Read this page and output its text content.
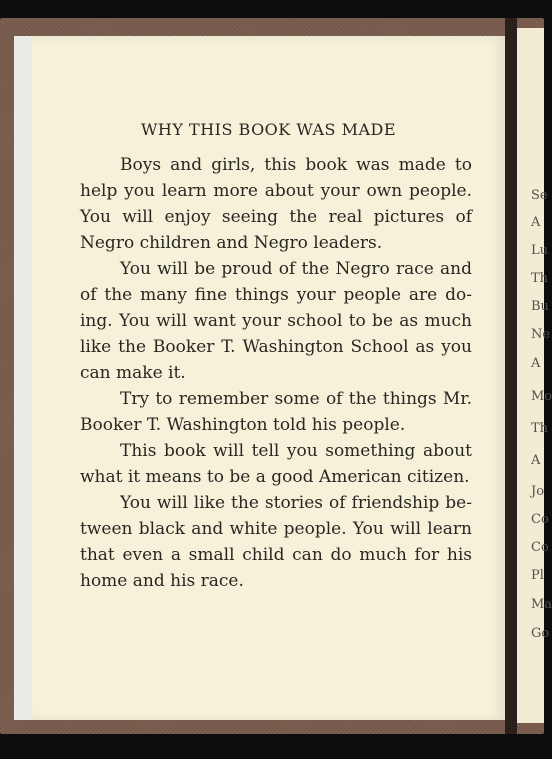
Se
A
Lu
Th
Bu
Ne
A
Mo
Th
A
Jo
Co
Co
Pl
Ma
Go
WHY THIS BOOK WAS MADE

Boys and girls, this book was made to help you learn more about your own people. You will enjoy seeing the real pictures of Negro children and Negro leaders.

You will be proud of the Negro race and of the many fine things your people are doing. You will want your school to be as much like the Booker T. Washington School as you can make it.

Try to remember some of the things Mr. Booker T. Washington told his people.

This book will tell you something about what it means to be a good American citizen.

You will like the stories of friendship between black and white people. You will learn that even a small child can do much for his home and his race.
